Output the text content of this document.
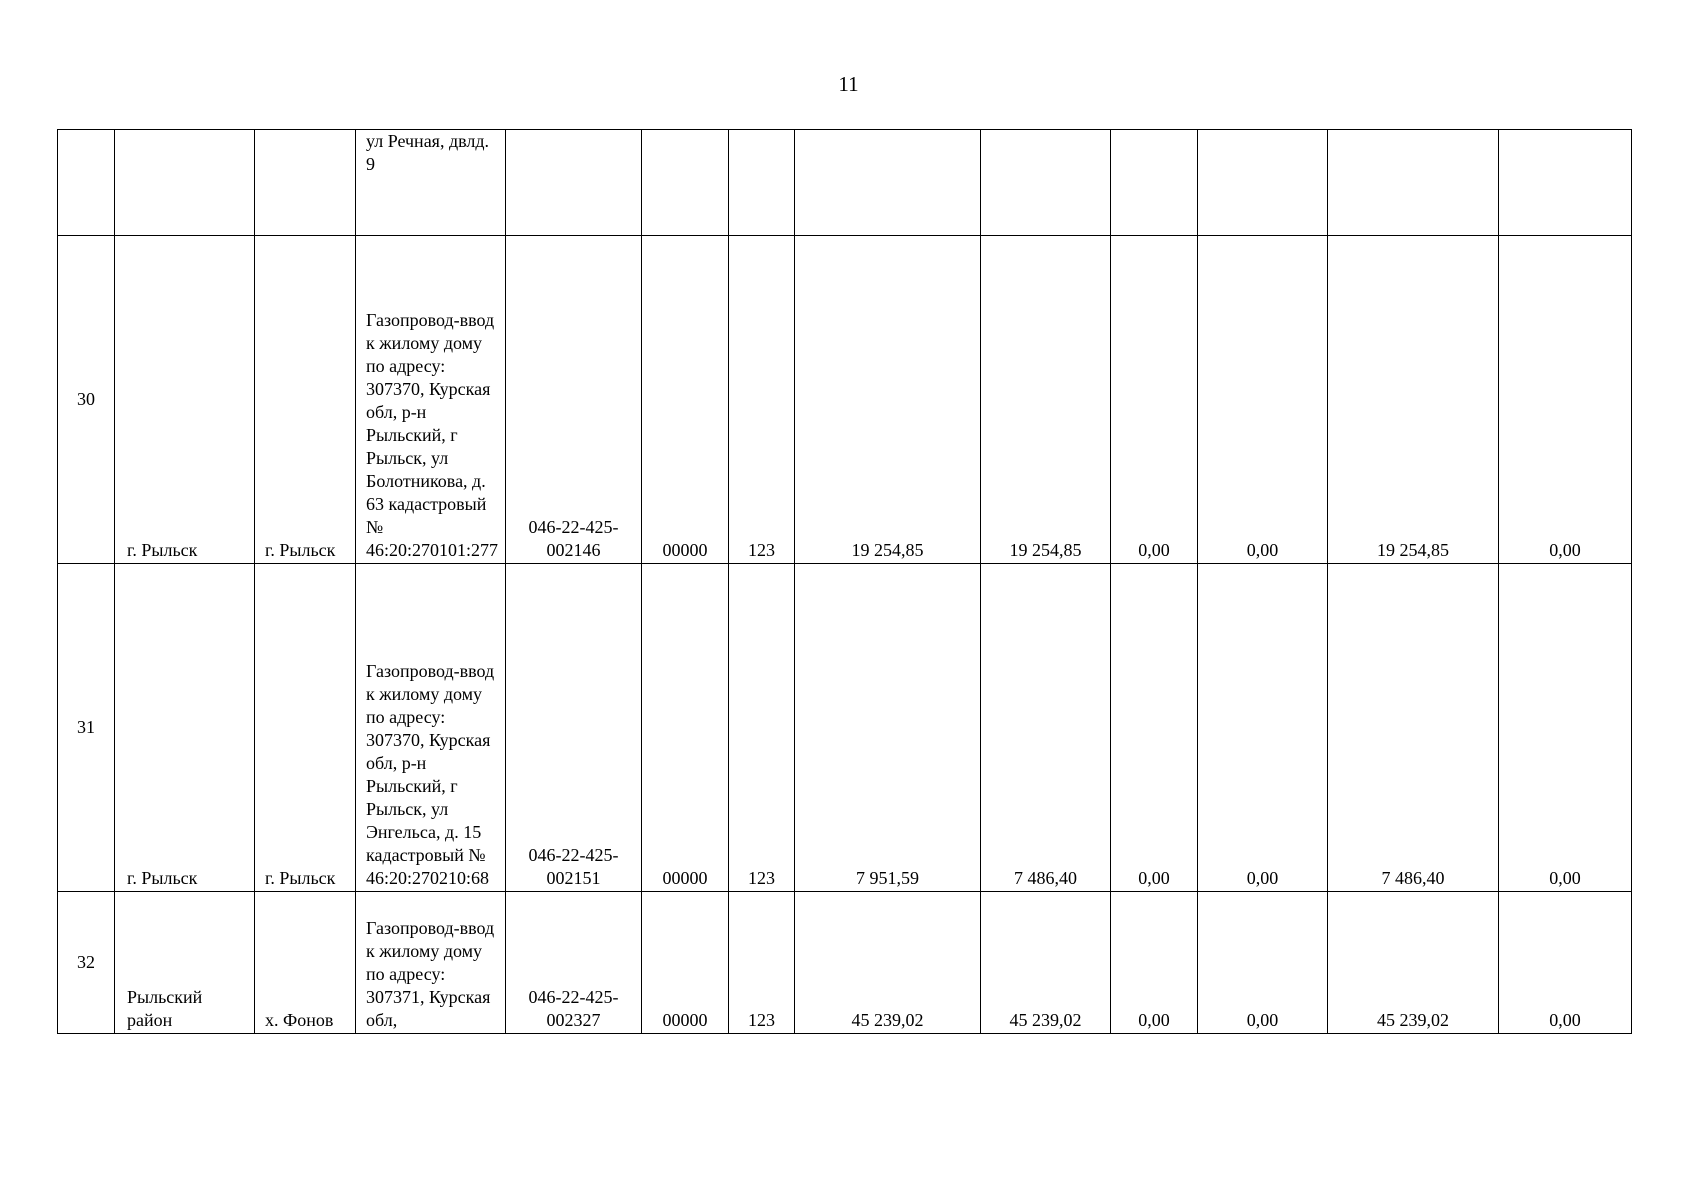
11
			ул Речная, двлд. 9									
30	г. Рыльск	г. Рыльск	Газопровод-ввод к жилому дому по адресу: 307370, Курская обл, р-н Рыльский, г Рыльск, ул Болотникова, д. 63 кадастровый № 46:20:270101:277	046-22-425-002146	00000	123	19 254,85	19 254,85	0,00	0,00	19 254,85	0,00
31	г. Рыльск	г. Рыльск	Газопровод-ввод к жилому дому по адресу: 307370, Курская обл, р-н Рыльский, г Рыльск, ул Энгельса, д. 15 кадастровый № 46:20:270210:68	046-22-425-002151	00000	123	7 951,59	7 486,40	0,00	0,00	7 486,40	0,00
32	Рыльский район	х. Фонов	Газопровод-ввод к жилому дому по адресу: 307371, Курская обл,	046-22-425-002327	00000	123	45 239,02	45 239,02	0,00	0,00	45 239,02	0,00
